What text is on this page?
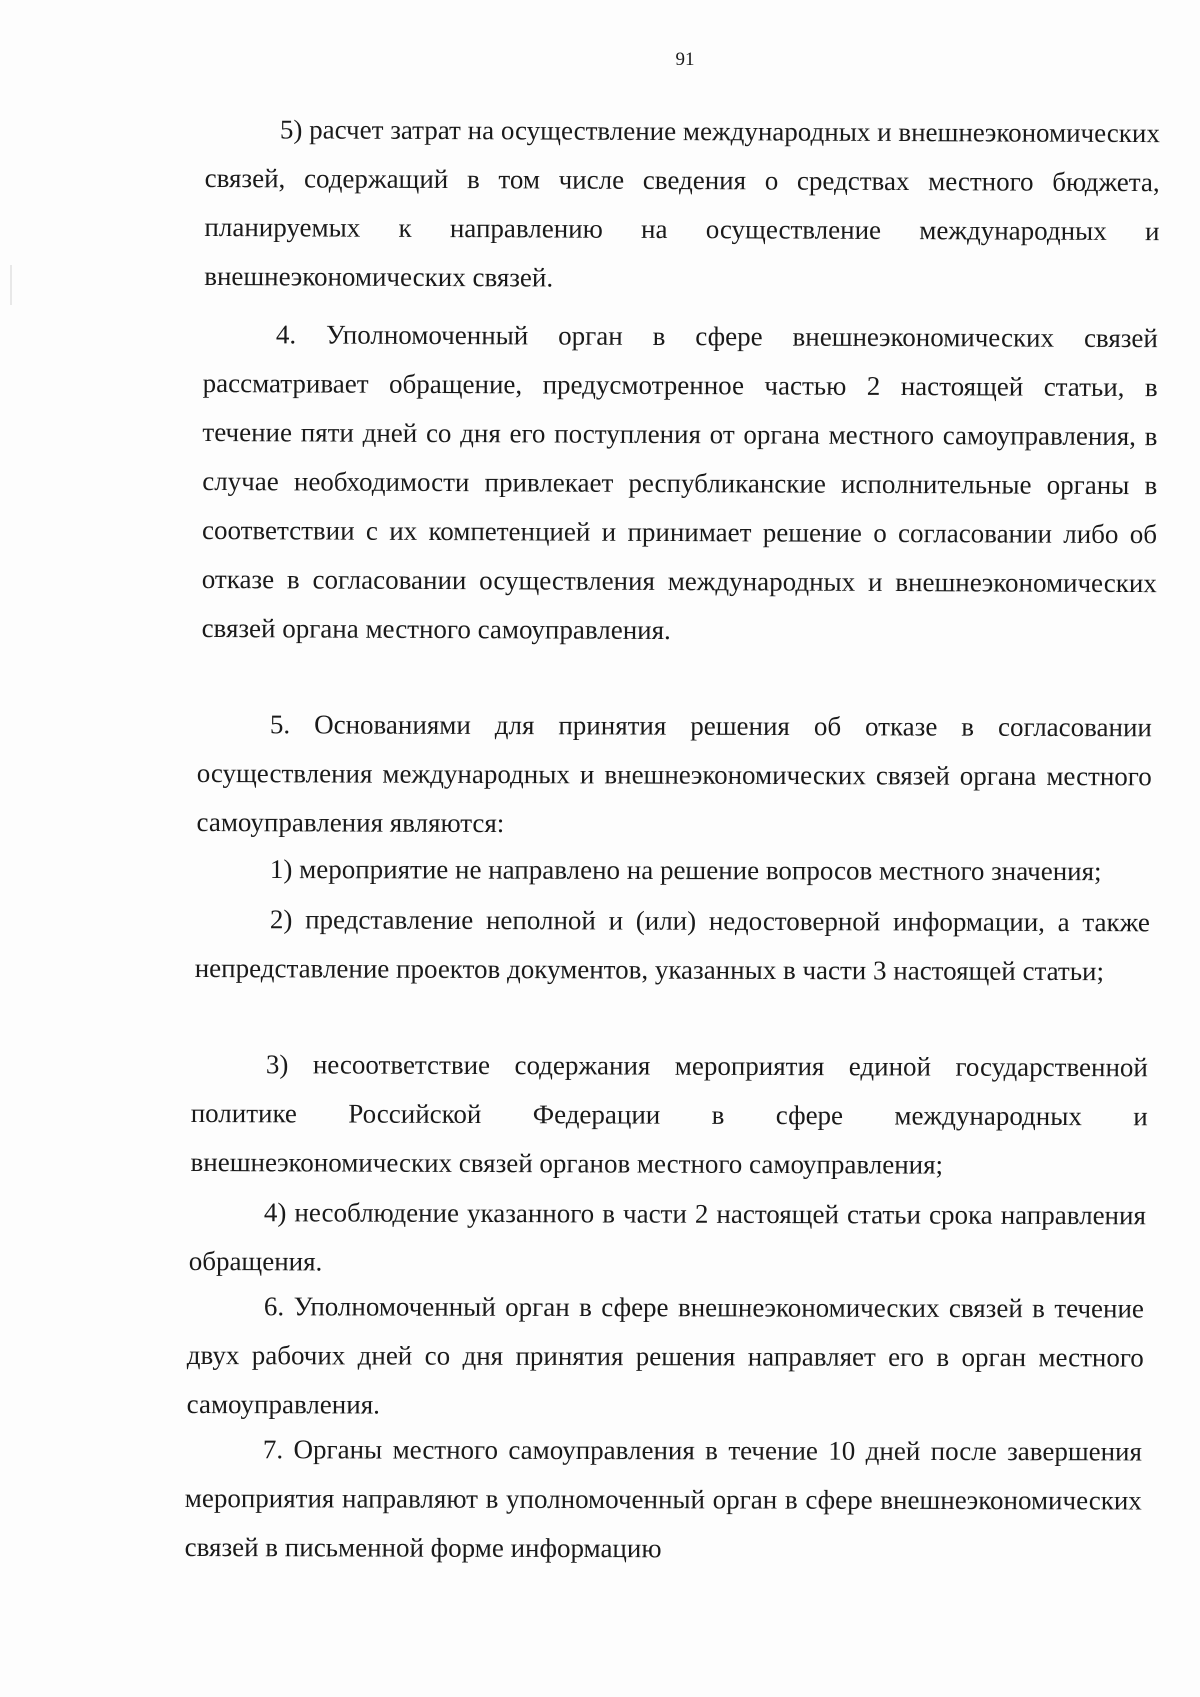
91

5) расчет затрат на осуществление международных и внешнеэкономических связей, содержащий в том числе сведения о средствах местного бюджета, планируемых к направлению на осуществление международных и внешнеэкономических связей.

4. Уполномоченный орган в сфере внешнеэкономических связей рассматривает обращение, предусмотренное частью 2 настоящей статьи, в течение пяти дней со дня его поступления от органа местного самоуправления, в случае необходимости привлекает республиканские исполнительные органы в соответствии с их компетенцией и принимает решение о согласовании либо об отказе в согласовании осуществления международных и внешнеэкономических связей органа местного самоуправления.

5. Основаниями для принятия решения об отказе в согласовании осуществления международных и внешнеэкономических связей органа местного самоуправления являются:

1) мероприятие не направлено на решение вопросов местного значения;

2) представление неполной и (или) недостоверной информации, а также непредставление проектов документов, указанных в части 3 настоящей статьи;

3) несоответствие содержания мероприятия единой государственной политике Российской Федерации в сфере международных и внешнеэкономических связей органов местного самоуправления;

4) несоблюдение указанного в части 2 настоящей статьи срока направления обращения.

6. Уполномоченный орган в сфере внешнеэкономических связей в течение двух рабочих дней со дня принятия решения направляет его в орган местного самоуправления.

7. Органы местного самоуправления в течение 10 дней после завершения мероприятия направляют в уполномоченный орган в сфере внешнеэкономических связей в письменной форме информацию
